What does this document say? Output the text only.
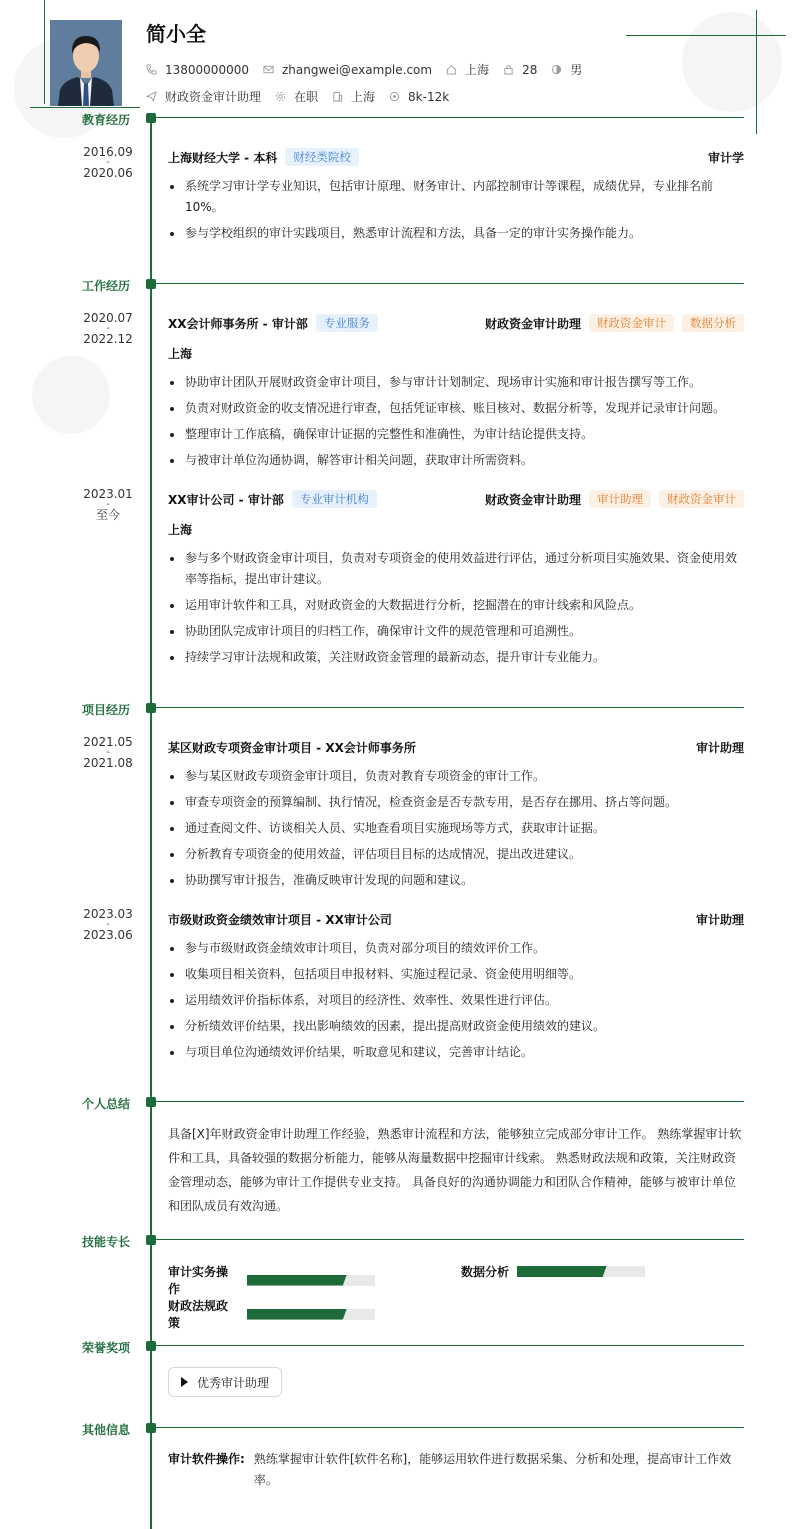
简小全
13800000000	zhangwei@example.com	上海	28	男
财政资金审计助理	在职	上海	8k-12k
教育经历
2016.09
-
2020.06
上海财经大学 - 本科	财经类院校	审计学
系统学习审计学专业知识，包括审计原理、财务审计、内部控制审计等课程，成绩优异，专业排名前10%。
参与学校组织的审计实践项目，熟悉审计流程和方法，具备一定的审计实务操作能力。
工作经历
2020.07
-
2022.12
XX会计师事务所 - 审计部	专业服务	财政资金审计助理	财政资金审计	数据分析
上海
协助审计团队开展财政资金审计项目，参与审计计划制定、现场审计实施和审计报告撰写等工作。
负责对财政资金的收支情况进行审查，包括凭证审核、账目核对、数据分析等，发现并记录审计问题。
整理审计工作底稿，确保审计证据的完整性和准确性，为审计结论提供支持。
与被审计单位沟通协调，解答审计相关问题，获取审计所需资料。
2023.01
-
至今
XX审计公司 - 审计部	专业审计机构	财政资金审计助理	审计助理	财政资金审计
上海
参与多个财政资金审计项目，负责对专项资金的使用效益进行评估，通过分析项目实施效果、资金使用效率等指标，提出审计建议。
运用审计软件和工具，对财政资金的大数据进行分析，挖掘潜在的审计线索和风险点。
协助团队完成审计项目的归档工作，确保审计文件的规范管理和可追溯性。
持续学习审计法规和政策，关注财政资金管理的最新动态，提升审计专业能力。
项目经历
2021.05
-
2021.08
某区财政专项资金审计项目 - XX会计师事务所	审计助理
参与某区财政专项资金审计项目，负责对教育专项资金的审计工作。
审查专项资金的预算编制、执行情况，检查资金是否专款专用，是否存在挪用、挤占等问题。
通过查阅文件、访谈相关人员、实地查看项目实施现场等方式，获取审计证据。
分析教育专项资金的使用效益，评估项目目标的达成情况，提出改进建议。
协助撰写审计报告，准确反映审计发现的问题和建议。
2023.03
-
2023.06
市级财政资金绩效审计项目 - XX审计公司	审计助理
参与市级财政资金绩效审计项目，负责对部分项目的绩效评价工作。
收集项目相关资料，包括项目申报材料、实施过程记录、资金使用明细等。
运用绩效评价指标体系，对项目的经济性、效率性、效果性进行评估。
分析绩效评价结果，找出影响绩效的因素，提出提高财政资金使用绩效的建议。
与项目单位沟通绩效评价结果，听取意见和建议，完善审计结论。
个人总结
具备[X]年财政资金审计助理工作经验，熟悉审计流程和方法，能够独立完成部分审计工作。 熟练掌握审计软件和工具，具备较强的数据分析能力，能够从海量数据中挖掘审计线索。 熟悉财政法规和政策，关注财政资金管理动态，能够为审计工作提供专业支持。 具备良好的沟通协调能力和团队合作精神，能够与被审计单位和团队成员有效沟通。
技能专长
审计实务操作
数据分析
财政法规政策
荣誉奖项
优秀审计助理
其他信息
审计软件操作: 熟练掌握审计软件[软件名称]，能够运用软件进行数据采集、分析和处理，提高审计工作效率。
